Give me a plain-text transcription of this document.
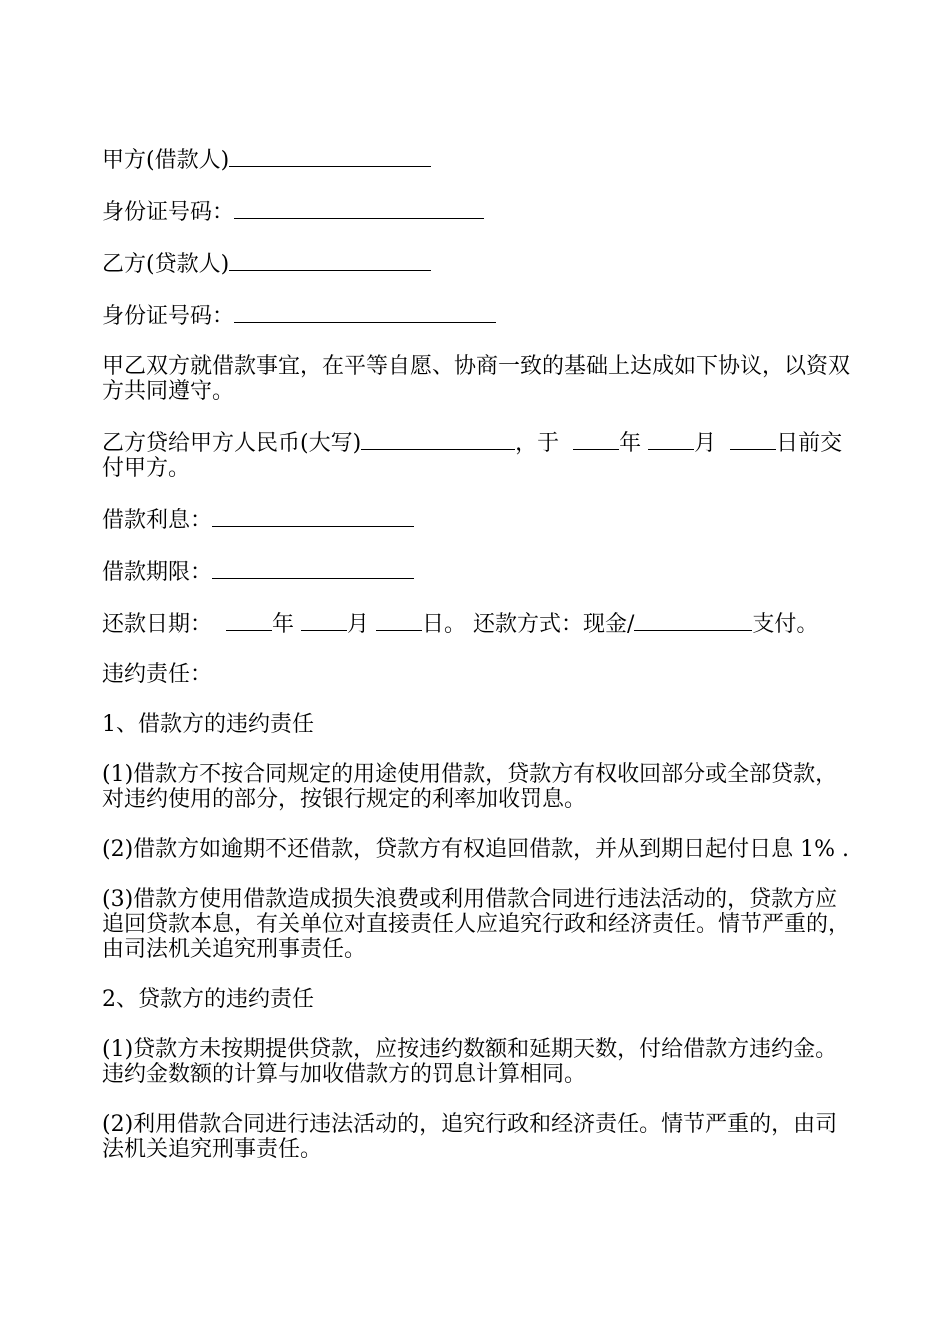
甲方(借款人)

身份证号码：

乙方(贷款人)

身份证号码：

甲乙双方就借款事宜，在平等自愿、协商一致的基础上达成如下协议，以资双方共同遵守。

乙方贷给甲方人民币(大写)	，于  年 月  日前交付甲方。

借款利息：

借款期限：

还款日期：  年 月 日。 还款方式：现金/	支付。

违约责任：

1、借款方的违约责任

(1)借款方不按合同规定的用途使用借款，贷款方有权收回部分或全部贷款，对违约使用的部分，按银行规定的利率加收罚息。

(2)借款方如逾期不还借款，贷款方有权追回借款，并从到期日起付日息 1% .

(3)借款方使用借款造成损失浪费或利用借款合同进行违法活动的，贷款方应追回贷款本息，有关单位对直接责任人应追究行政和经济责任。情节严重的，由司法机关追究刑事责任。

2、贷款方的违约责任

(1)贷款方未按期提供贷款，应按违约数额和延期天数，付给借款方违约金。违约金数额的计算与加收借款方的罚息计算相同。

(2)利用借款合同进行违法活动的，追究行政和经济责任。情节严重的，由司法机关追究刑事责任。
